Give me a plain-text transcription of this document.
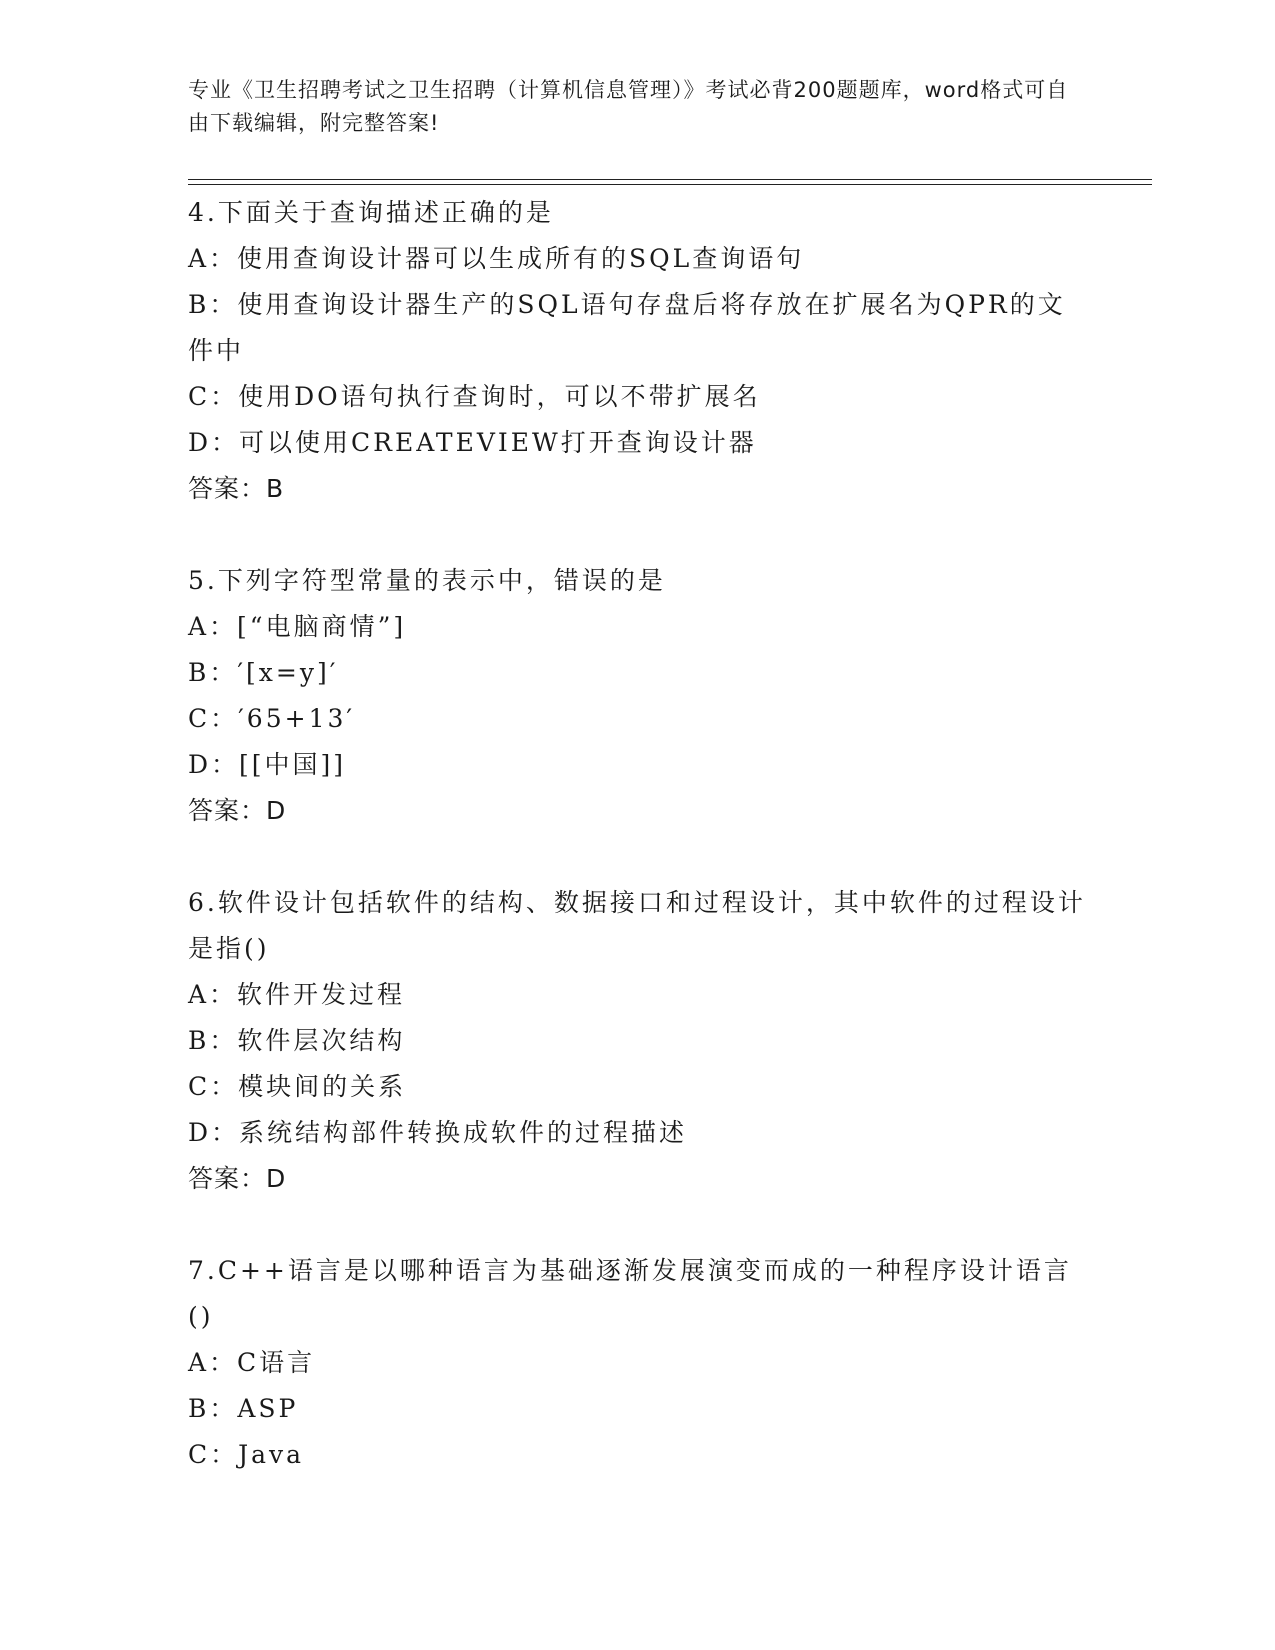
专业《卫生招聘考试之卫生招聘（计算机信息管理）》考试必背200题题库，word格式可自由下载编辑，附完整答案!
4.下面关于查询描述正确的是
A：使用查询设计器可以生成所有的SQL查询语句
B：使用查询设计器生产的SQL语句存盘后将存放在扩展名为QPR的文件中
C：使用DO语句执行查询时，可以不带扩展名
D：可以使用CREATEVIEW打开查询设计器
答案：B
5.下列字符型常量的表示中，错误的是
A：[“电脑商情”]
B：′[x=y]′
C：′65+13′
D：[[中国]]
答案：D
6.软件设计包括软件的结构、数据接口和过程设计，其中软件的过程设计是指()
A：软件开发过程
B：软件层次结构
C：模块间的关系
D：系统结构部件转换成软件的过程描述
答案：D
7.C++语言是以哪种语言为基础逐渐发展演变而成的一种程序设计语言()
A：C语言
B：ASP
C：Java
